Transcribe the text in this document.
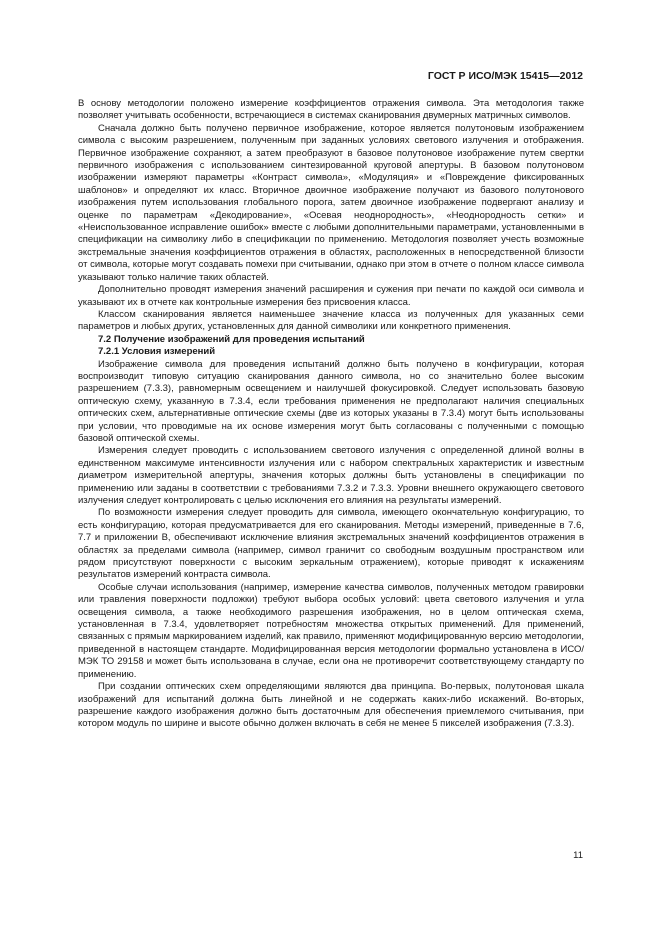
ГОСТ Р ИСО/МЭК 15415—2012

В основу методологии положено измерение коэффициентов отражения символа. Эта методология также позволяет учитывать особенности, встречающиеся в системах сканирования двумерных матричных символов.

Сначала должно быть получено первичное изображение, которое является полутоновым изображением символа с высоким разрешением, полученным при заданных условиях светового излучения и отображения. Первичное изображение сохраняют, а затем преобразуют в базовое полутоновое изображение путем свертки первичного изображения с использованием синтезированной круговой апертуры. В базовом полутоновом изображении измеряют параметры «Контраст символа», «Модуляция» и «Повреждение фиксированных шаблонов» и определяют их класс. Вторичное двоичное изображение получают из базового полутонового изображения путем использования глобального порога, затем двоичное изображение подвергают анализу и оценке по параметрам «Декодирование», «Осевая неоднородность», «Неоднородность сетки» и «Неиспользованное исправление ошибок» вместе с любыми дополнительными параметрами, установленными в спецификации на символику либо в спецификации по применению. Методология позволяет учесть возможные экстремальные значения коэффициентов отражения в областях, расположенных в непосредственной близости от символа, которые могут создавать помехи при считывании, однако при этом в отчете о полном классе символа указывают только наличие таких областей.

Дополнительно проводят измерения значений расширения и сужения при печати по каждой оси символа и указывают их в отчете как контрольные измерения без присвоения класса.

Классом сканирования является наименьшее значение класса из полученных для указанных семи параметров и любых других, установленных для данной символики или конкретного применения.

7.2 Получение изображений для проведения испытаний
7.2.1 Условия измерений

Изображение символа для проведения испытаний должно быть получено в конфигурации, которая воспроизводит типовую ситуацию сканирования данного символа, но со значительно более высоким разрешением (7.3.3), равномерным освещением и наилучшей фокусировкой. Следует использовать базовую оптическую схему, указанную в 7.3.4, если требования применения не предполагают наличия специальных оптических схем, альтернативные оптические схемы (две из которых указаны в 7.3.4) могут быть использованы при условии, что проводимые на их основе измерения могут быть согласованы с полученными с помощью базовой оптической схемы.

Измерения следует проводить с использованием светового излучения с определенной длиной волны в единственном максимуме интенсивности излучения или с набором спектральных характеристик и известным диаметром измерительной апертуры, значения которых должны быть установлены в спецификации по применению или заданы в соответствии с требованиями 7.3.2 и 7.3.3. Уровни внешнего окружающего светового излучения следует контролировать с целью исключения его влияния на результаты измерений.

По возможности измерения следует проводить для символа, имеющего окончательную конфигурацию, то есть конфигурацию, которая предусматривается для его сканирования. Методы измерений, приведенные в 7.6, 7.7 и приложении В, обеспечивают исключение влияния экстремальных значений коэффициентов отражения в областях за пределами символа (например, символ граничит со свободным воздушным пространством или рядом присутствуют поверхности с высоким зеркальным отражением), которые приводят к искажениям результатов измерений контраста символа.

Особые случаи использования (например, измерение качества символов, полученных методом гравировки или травления поверхности подложки) требуют выбора особых условий: цвета светового излучения и угла освещения символа, а также необходимого разрешения изображения, но в целом оптическая схема, установленная в 7.3.4, удовлетворяет потребностям множества открытых применений. Для применений, связанных с прямым маркированием изделий, как правило, применяют модифицированную версию методологии, приведенной в настоящем стандарте. Модифицированная версия методологии формально установлена в ИСО/МЭК ТО 29158 и может быть использована в случае, если она не противоречит соответствующему стандарту по применению.

При создании оптических схем определяющими являются два принципа. Во-первых, полутоновая шкала изображений для испытаний должна быть линейной и не содержать каких-либо искажений. Во-вторых, разрешение каждого изображения должно быть достаточным для обеспечения приемлемого считывания, при котором модуль по ширине и высоте обычно должен включать в себя не менее 5 пикселей изображения (7.3.3).

11
